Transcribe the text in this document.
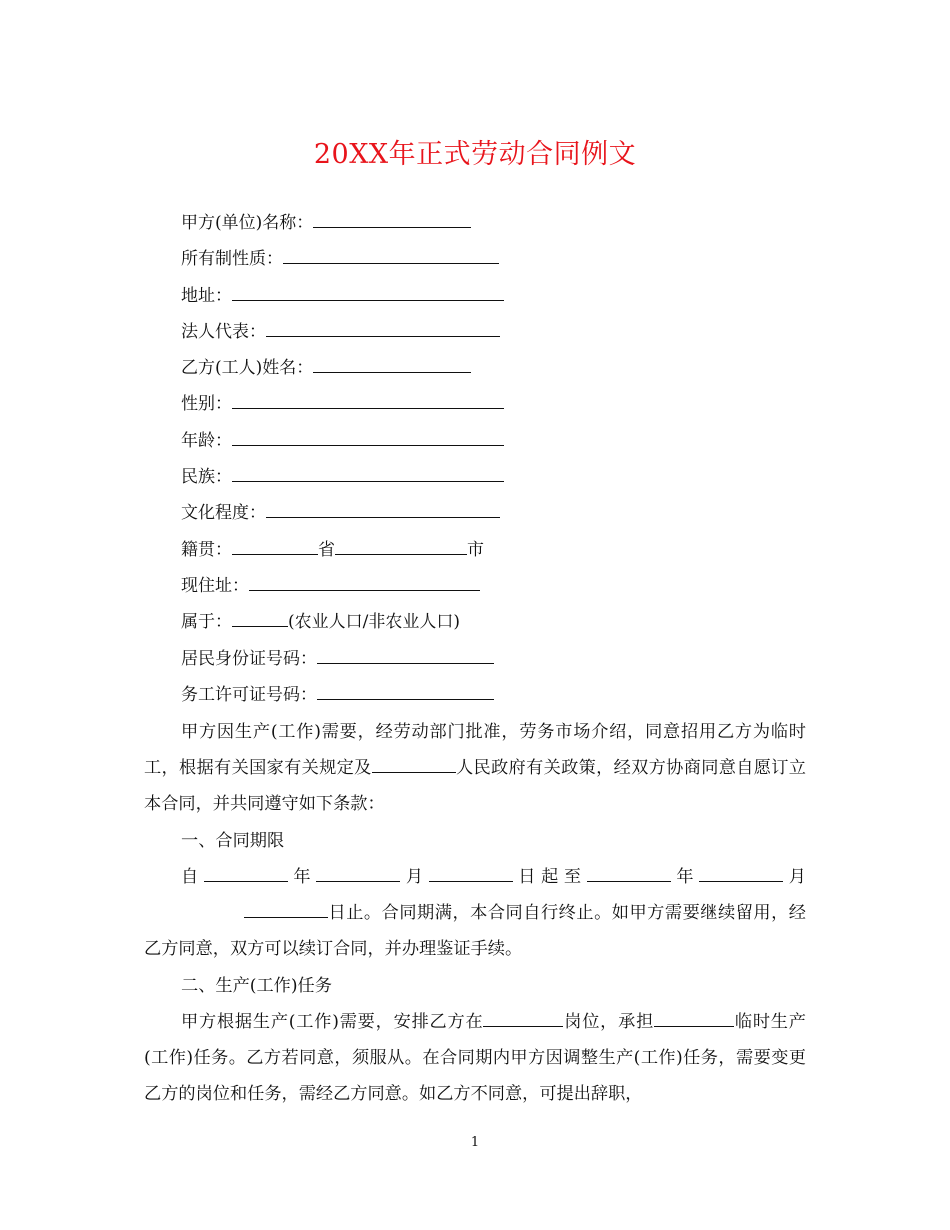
20XX年正式劳动合同例文
甲方(单位)名称：
所有制性质：
地址：
法人代表：
乙方(工人)姓名：
性别：
年龄：
民族：
文化程度：
籍贯：	省	市
现住址：
属于：	(农业人口/非农业人口)
居民身份证号码：
务工许可证号码：

甲方因生产(工作)需要，经劳动部门批准，劳务市场介绍，同意招用乙方为临时工，根据有关国家有关规定及	人民政府有关政策，经双方协商同意自愿订立本合同，并共同遵守如下条款：

一、合同期限

自	年	月	日起至	年	月日止。合同期满，本合同自行终止。如甲方需要继续留用，经乙方同意，双方可以续订合同，并办理鉴证手续。

二、生产(工作)任务

甲方根据生产(工作)需要，安排乙方在	岗位，承担	临时生产(工作)任务。乙方若同意，须服从。在合同期内甲方因调整生产(工作)任务，需要变更乙方的岗位和任务，需经乙方同意。如乙方不同意，可提出辞职，

1
